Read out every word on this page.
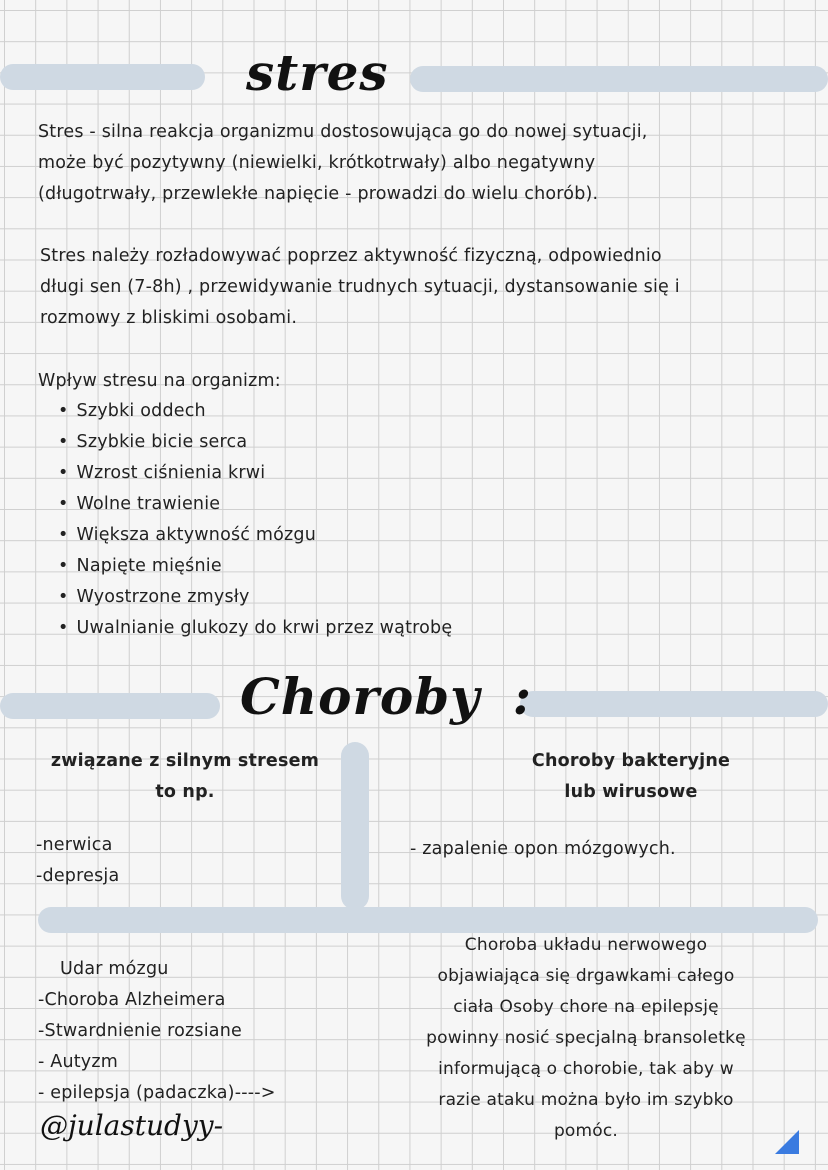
stres

Stres - silna reakcja organizmu dostosowująca go do nowej sytuacji,

może być pozytywny (niewielki, krótkotrwały) albo negatywny

(długotrwały, przewlekłe napięcie - prowadzi do wielu chorób).

Stres należy rozładowywać poprzez aktywność fizyczną, odpowiednio

długi sen (7-8h) , przewidywanie trudnych sytuacji, dystansowanie się i

rozmowy z bliskimi osobami.

Wpływ stresu na organizm:
• Szybki oddech
• Szybkie bicie serca
• Wzrost ciśnienia krwi
• Wolne trawienie
• Większa aktywność mózgu
• Napięte mięśnie
• Wyostrzone zmysły
• Uwalnianie glukozy do krwi przez wątrobę
Choroby :

związane z silnym stresem

to np.

-nerwica

-depresja

Choroby bakteryjne

lub wirusowe

- zapalenie opon mózgowych.

Udar mózgu

-Choroba Alzheimera

-Stwardnienie rozsiane

- Autyzm

- epilepsja (padaczka)---->

Choroba układu nerwowego

objawiająca się drgawkami całego

ciała Osoby chore na epilepsję

powinny nosić specjalną bransoletkę

informującą o chorobie, tak aby w

razie ataku można było im szybko

pomóc.

@julastudyy-
